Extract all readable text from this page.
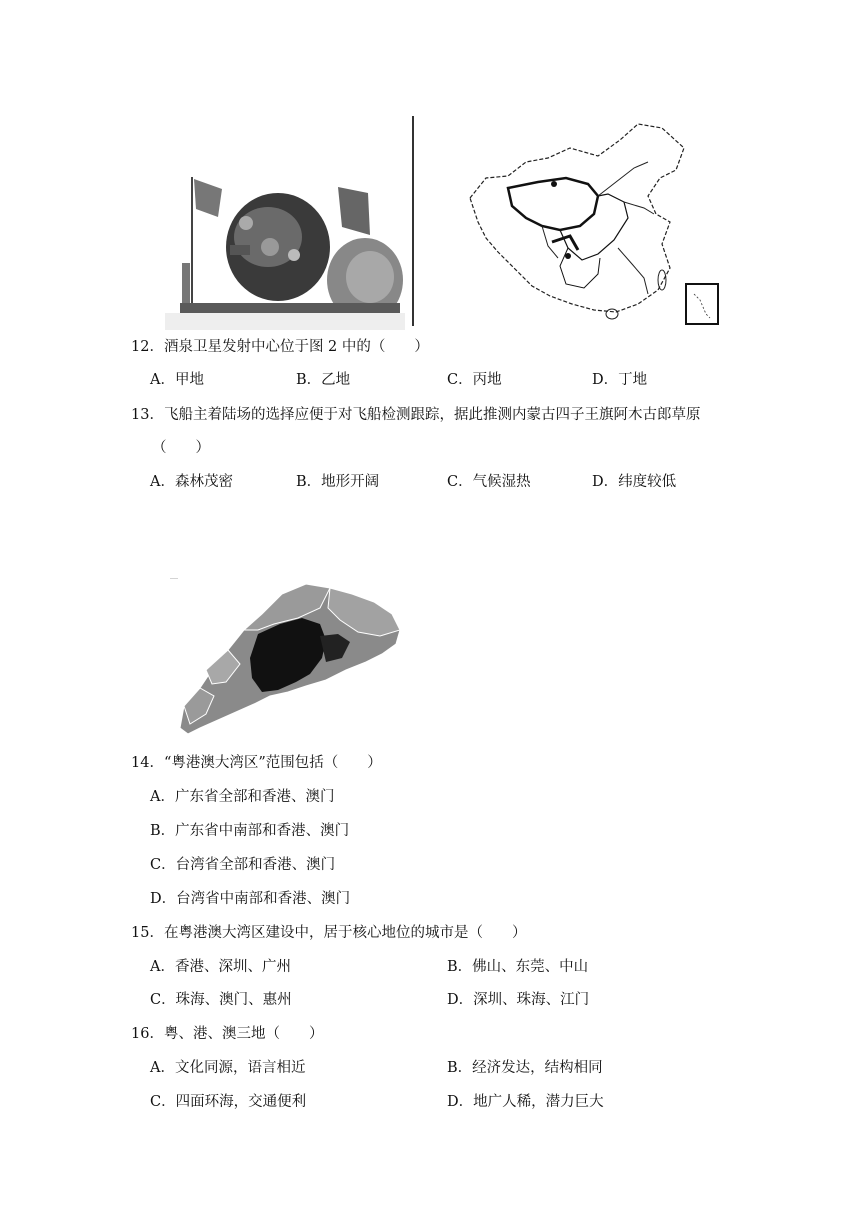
12．酒泉卫星发射中心位于图 2 中的（　　）
A．甲地	B．乙地	C．丙地	D．丁地
13．飞船主着陆场的选择应便于对飞船检测跟踪，据此推测内蒙古四子王旗阿木古郎草原
（　　）
A．森林茂密	B．地形开阔	C．气候湿热	D．纬度较低
14．“粤港澳大湾区”范围包括（　　）
A．广东省全部和香港、澳门
B．广东省中南部和香港、澳门
C．台湾省全部和香港、澳门
D．台湾省中南部和香港、澳门
15．在粤港澳大湾区建设中，居于核心地位的城市是（　　）
A．香港、深圳、广州	B．佛山、东莞、中山
C．珠海、澳门、惠州	D．深圳、珠海、江门
16．粤、港、澳三地（　　）
A．文化同源，语言相近	B．经济发达，结构相同
C．四面环海，交通便利	D．地广人稀，潜力巨大
